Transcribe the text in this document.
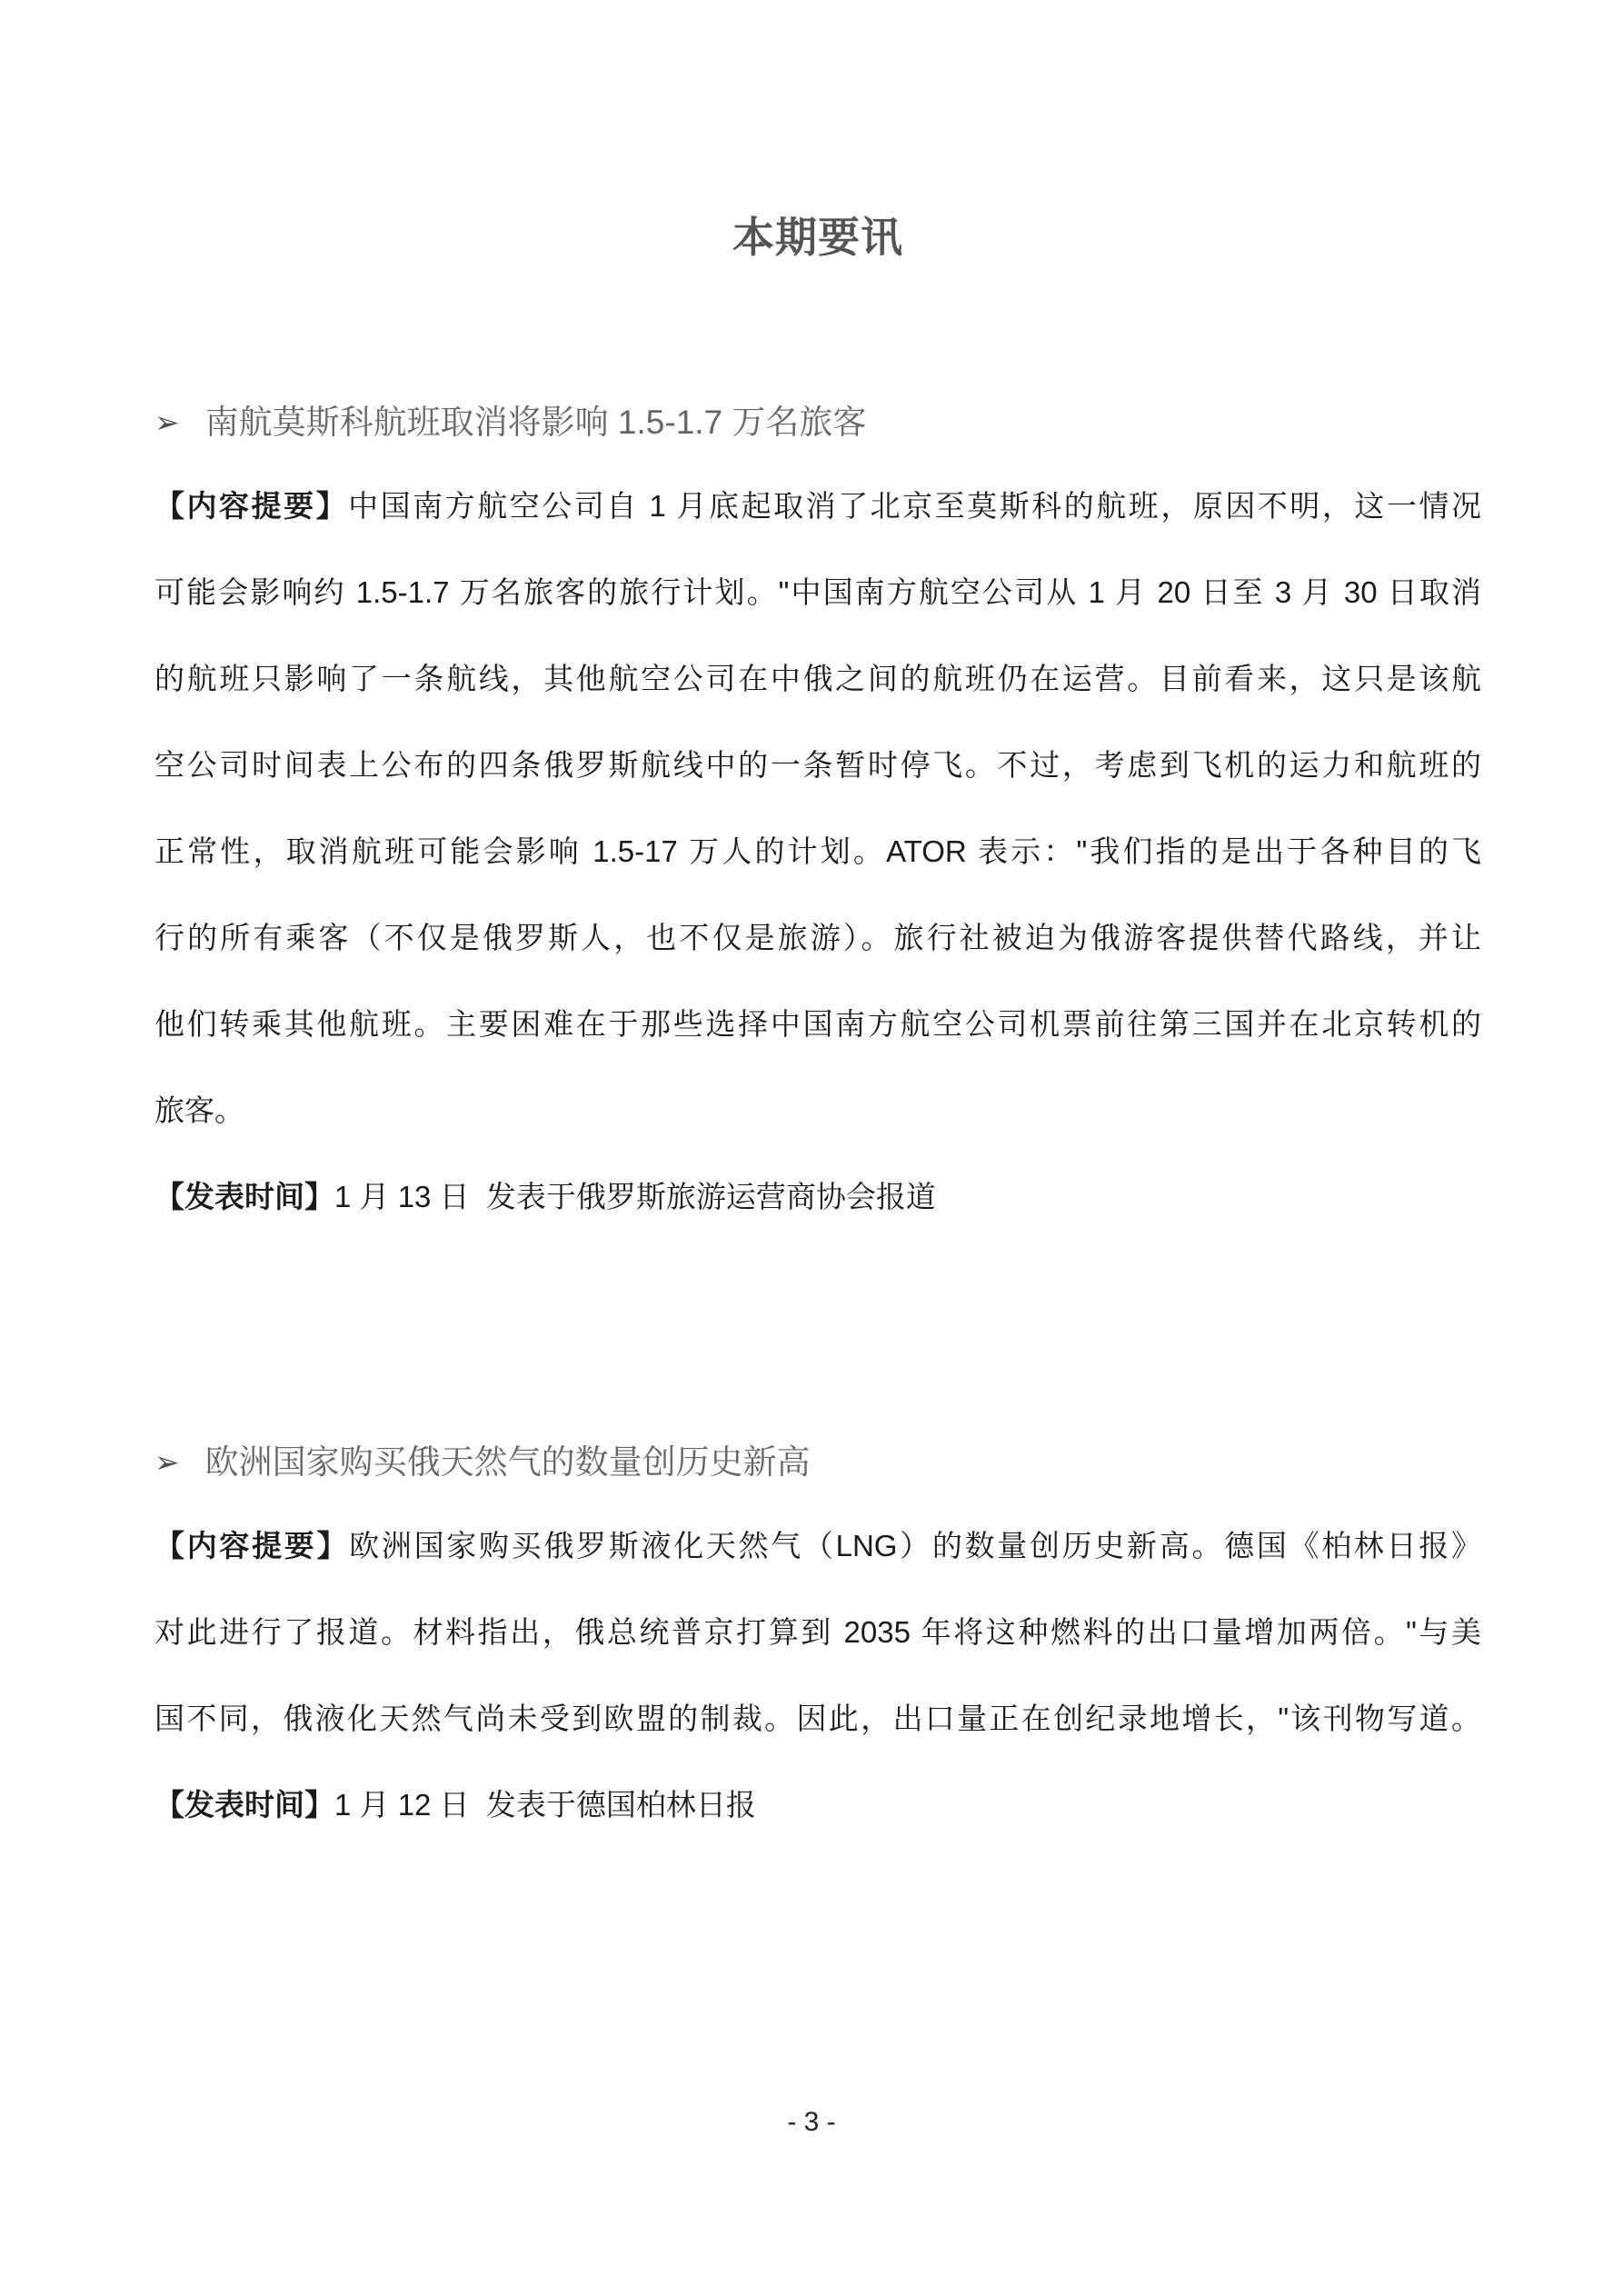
本期要讯
➢ 南航莫斯科航班取消将影响 1.5-1.7 万名旅客
【内容提要】中国南方航空公司自 1 月底起取消了北京至莫斯科的航班，原因不明，这一情况
可能会影响约 1.5-1.7 万名旅客的旅行计划。"中国南方航空公司从 1 月 20 日至 3 月 30 日取消
的航班只影响了一条航线，其他航空公司在中俄之间的航班仍在运营。目前看来，这只是该航
空公司时间表上公布的四条俄罗斯航线中的一条暂时停飞。不过，考虑到飞机的运力和航班的
正常性，取消航班可能会影响 1.5-17 万人的计划。ATOR 表示："我们指的是出于各种目的飞
行的所有乘客（不仅是俄罗斯人，也不仅是旅游）。旅行社被迫为俄游客提供替代路线，并让
他们转乘其他航班。主要困难在于那些选择中国南方航空公司机票前往第三国并在北京转机的
旅客。
【发表时间】1 月 13 日  发表于俄罗斯旅游运营商协会报道
➢ 欧洲国家购买俄天然气的数量创历史新高
【内容提要】欧洲国家购买俄罗斯液化天然气（LNG）的数量创历史新高。德国《柏林日报》
对此进行了报道。材料指出，俄总统普京打算到 2035 年将这种燃料的出口量增加两倍。"与美
国不同，俄液化天然气尚未受到欧盟的制裁。因此，出口量正在创纪录地增长，"该刊物写道。
【发表时间】1 月 12 日  发表于德国柏林日报
- 3 -
